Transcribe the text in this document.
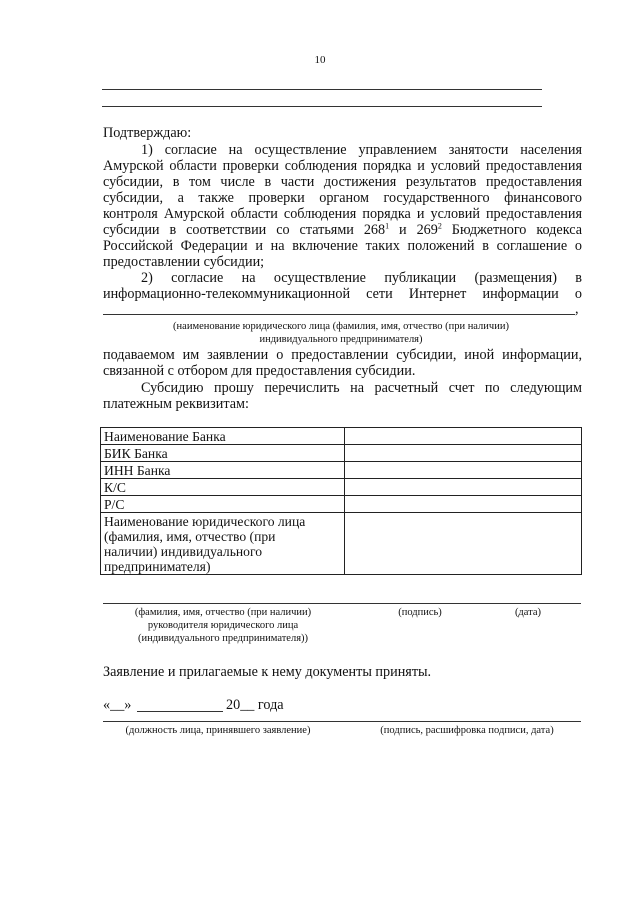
10
Подтверждаю:
1) согласие на осуществление управлением занятости населения
Амурской области проверки соблюдения порядка и условий предоставления
субсидии, в том числе в части достижения результатов предоставления
субсидии, а также проверки органом государственного финансового
контроля Амурской области соблюдения порядка и условий предоставления
субсидии в соответствии со статьями $268^1$ и $269^2$ Бюджетного кодекса
Российской Федерации и на включение таких положений в соглашение о
предоставлении субсидии;
2) согласие на осуществление публикации (размещения) в
информационно-телекоммуникационной сети Интернет информации о
,
(наименование юридического лица (фамилия, имя, отчество (при наличии)
индивидуального предпринимателя)
подаваемом им заявлении о предоставлении субсидии, иной информации,
связанной с отбором для предоставления субсидии.
Субсидию прошу перечислить на расчетный счет по следующим
платежным реквизитам:
Наименование Банка	
БИК Банка	
ИНН Банка	
К/С	
Р/С	

Наименование юридического лица
(фамилия, имя, отчество (при
наличии) индивидуального
предпринимателя)	

(фамилия, имя, отчество (при наличии)
руководителя юридического лица
(индивидуального предпринимателя))
(подпись)	(дата)
Заявление и прилагаемые к нему документы приняты.
«__»	20__ года
(должность лица, принявшего заявление)	(подпись, расшифровка подписи, дата)
